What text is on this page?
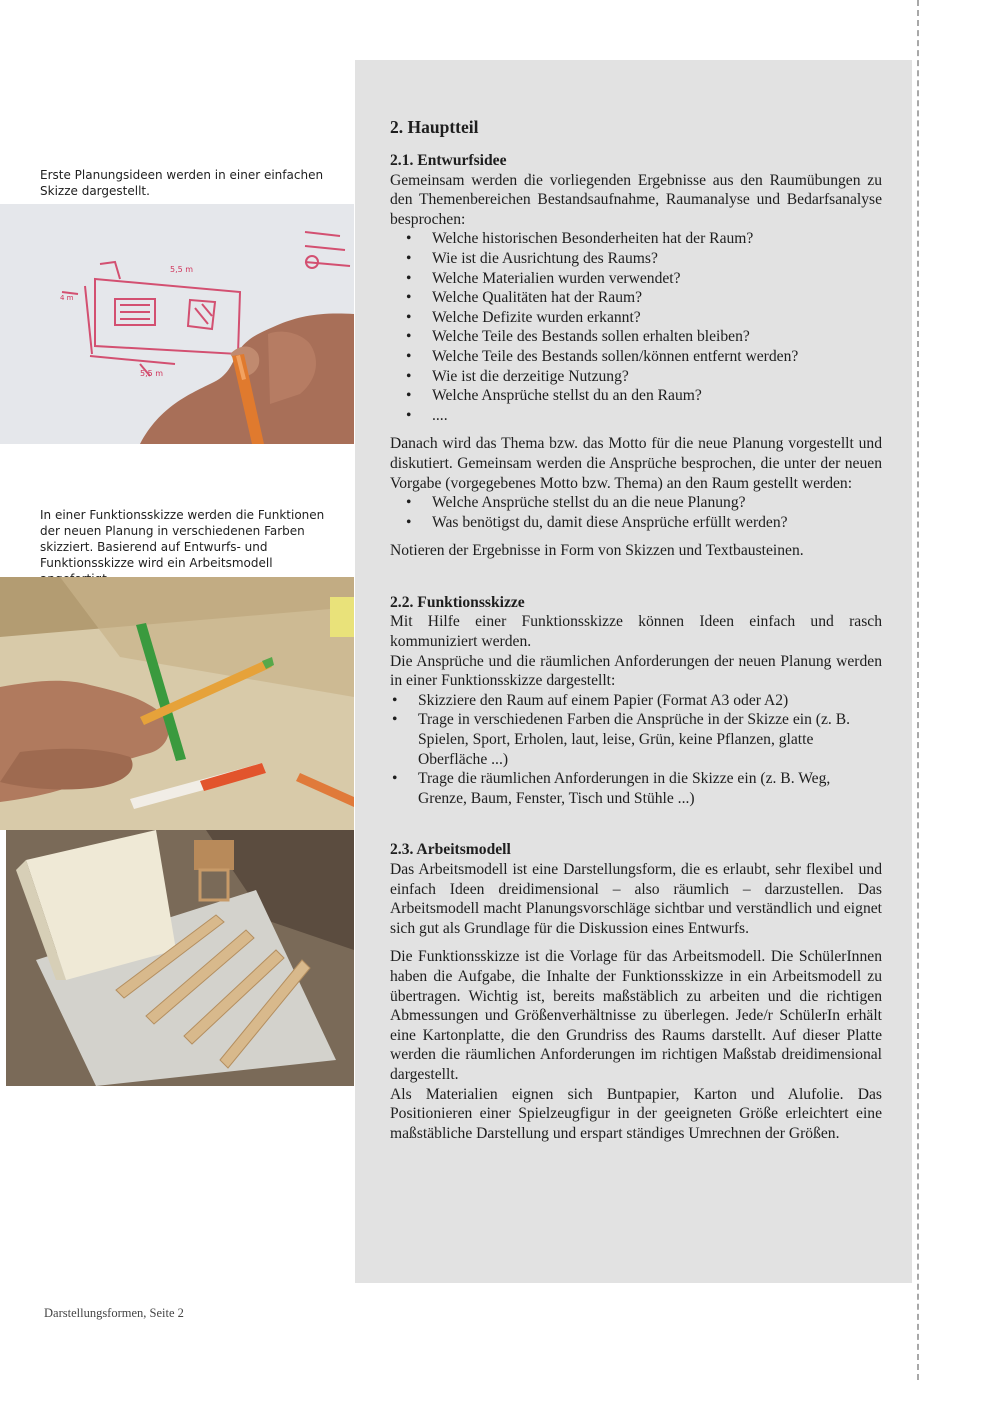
Erste Planungsideen werden in einer einfachen Skizze dargestellt.
In einer Funktionsskizze werden die Funktionen der neuen Planung in verschiedenen Farben skizziert. Basierend auf Entwurfs- und Funktionsskizze wird ein Arbeitsmodell
5,5 m
4 m
5,5 m
2. Hauptteil
2.1. Entwurfsidee

Gemeinsam werden die vorliegenden Ergebnisse aus den Raumübungen zu den Themenbereichen Bestandsaufnahme, Raumanalyse und Bedarfsanalyse besprochen:

• Welche historischen Besonderheiten hat der Raum?
• Wie ist die Ausrichtung des Raums?
• Welche Materialien wurden verwendet?
• Welche Qualitäten hat der Raum?
• Welche Defizite wurden erkannt?
• Welche Teile des Bestands sollen erhalten bleiben?
• Welche Teile des Bestands sollen/können entfernt werden?
• Wie ist die derzeitige Nutzung?
• Welche Ansprüche stellst du an den Raum?
• ....

Danach wird das Thema bzw. das Motto für die neue Planung vorgestellt und diskutiert. Gemeinsam werden die Ansprüche besprochen, die unter der neuen Vorgabe (vorgegebenes Motto bzw. Thema) an den Raum gestellt werden:

• Welche Ansprüche stellst du an die neue Planung?
• Was benötigst du, damit diese Ansprüche erfüllt werden?

Notieren der Ergebnisse in Form von Skizzen und Textbausteinen.

2.2. Funktionsskizze

Mit Hilfe einer Funktionsskizze können Ideen einfach und rasch kommuniziert werden.

Die Ansprüche und die räumlichen Anforderungen der neuen Planung werden in einer Funktionsskizze dargestellt:

• Skizziere den Raum auf einem Papier (Format A3 oder A2)
• Trage in verschiedenen Farben die Ansprüche in der Skizze ein (z. B. Spielen, Sport, Erholen, laut, leise, Grün, keine Pflanzen, glatte Oberfläche ...)
• Trage die räumlichen Anforderungen in die Skizze ein (z. B. Weg, Grenze, Baum, Fenster, Tisch und Stühle ...)
2.3. Arbeitsmodell

Das Arbeitsmodell ist eine Darstellungsform, die es erlaubt, sehr flexibel und einfach Ideen dreidimensional – also räumlich – darzustellen. Das Arbeitsmodell macht Planungsvorschläge sichtbar und verständlich und eignet sich gut als Grundlage für die Diskussion eines Entwurfs.

Die Funktionsskizze ist die Vorlage für das Arbeitsmodell. Die SchülerInnen haben die Aufgabe, die Inhalte der Funktionsskizze in ein Arbeitsmodell zu übertragen. Wichtig ist, bereits maßstäblich zu arbeiten und die richtigen Abmessungen und Größenverhältnisse zu überlegen. Jede/r SchülerIn erhält eine Kartonplatte, die den Grundriss des Raums darstellt. Auf dieser Platte werden die räumlichen Anforderungen im richtigen Maßstab dreidimensional dargestellt.

Als Materialien eignen sich Buntpapier, Karton und Alufolie. Das Positionieren einer Spielzeugfigur in der geeigneten Größe erleichtert eine maßstäbliche Darstellung und erspart ständiges Umrechnen der Größen.

Darstellungsformen, Seite 2
